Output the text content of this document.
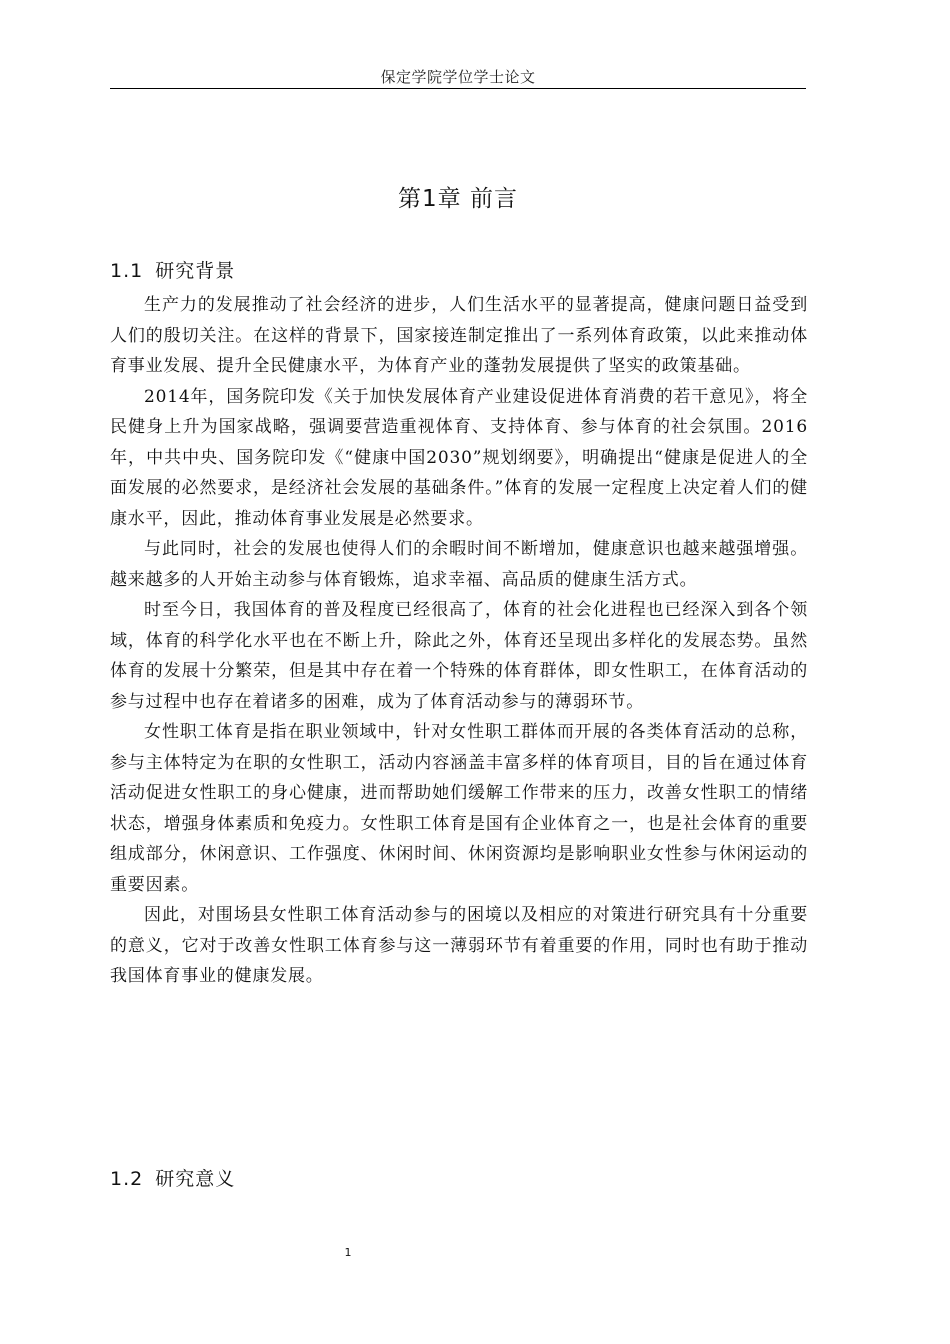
保定学院学位学士论文
第1章 前言
1.1 研究背景

生产力的发展推动了社会经济的进步，人们生活水平的显著提高，健康问题日益受到人们的殷切关注。在这样的背景下，国家接连制定推出了一系列体育政策，以此来推动体育事业发展、提升全民健康水平，为体育产业的蓬勃发展提供了坚实的政策基础。

2014年，国务院印发《关于加快发展体育产业建设促进体育消费的若干意见》，将全民健身上升为国家战略，强调要营造重视体育、支持体育、参与体育的社会氛围。2016年，中共中央、国务院印发《“健康中国2030”规划纲要》，明确提出“健康是促进人的全面发展的必然要求，是经济社会发展的基础条件。”体育的发展一定程度上决定着人们的健康水平，因此，推动体育事业发展是必然要求。

与此同时，社会的发展也使得人们的余暇时间不断增加，健康意识也越来越强增强。越来越多的人开始主动参与体育锻炼，追求幸福、高品质的健康生活方式。

时至今日，我国体育的普及程度已经很高了，体育的社会化进程也已经深入到各个领域，体育的科学化水平也在不断上升，除此之外，体育还呈现出多样化的发展态势。虽然体育的发展十分繁荣，但是其中存在着一个特殊的体育群体，即女性职工，在体育活动的参与过程中也存在着诸多的困难，成为了体育活动参与的薄弱环节。

女性职工体育是指在职业领域中，针对女性职工群体而开展的各类体育活动的总称，参与主体特定为在职的女性职工，活动内容涵盖丰富多样的体育项目，目的旨在通过体育活动促进女性职工的身心健康，进而帮助她们缓解工作带来的压力，改善女性职工的情绪状态，增强身体素质和免疫力。女性职工体育是国有企业体育之一，也是社会体育的重要组成部分，休闲意识、工作强度、休闲时间、休闲资源均是影响职业女性参与休闲运动的重要因素。

因此，对围场县女性职工体育活动参与的困境以及相应的对策进行研究具有十分重要的意义，它对于改善女性职工体育参与这一薄弱环节有着重要的作用，同时也有助于推动我国体育事业的健康发展。

1.2 研究意义
1
